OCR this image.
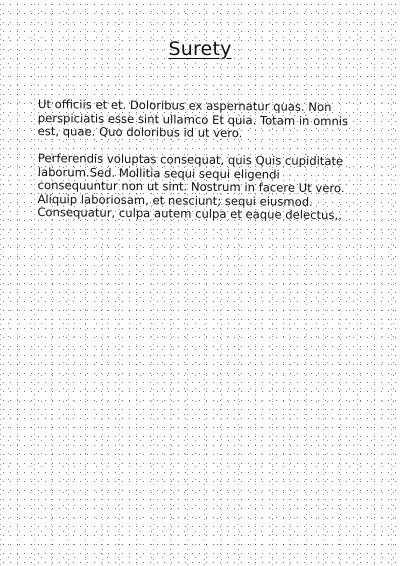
Surety

Ut officiis et et. Doloribus ex aspernatur quas. Non perspiciatis esse sint ullamco Et quia. Totam in omnis est, quae. Quo doloribus id ut vero.

Perferendis voluptas consequat, quis Quis cupiditate laborum.Sed. Mollitia sequi sequi eligendi consequuntur non ut sint. Nostrum in facere Ut vero. Aliquip laboriosam, et nesciunt; sequi eiusmod. Consequatur, culpa autem culpa et eaque delectus,.
